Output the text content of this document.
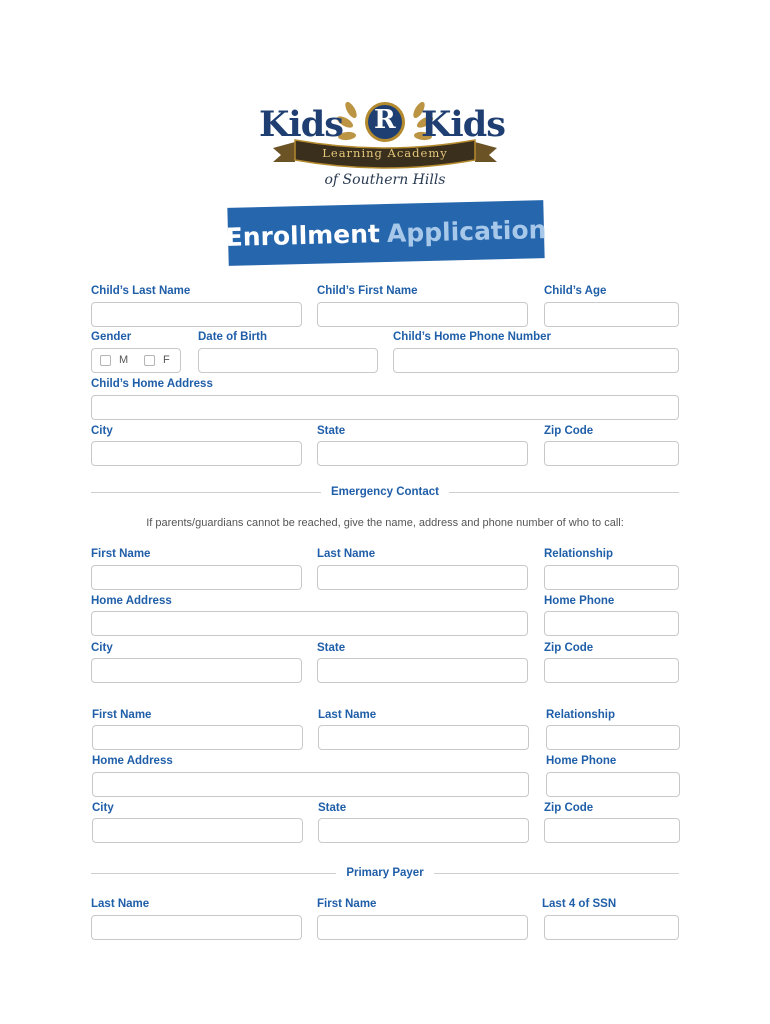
Kids R Kids
Learning Academy
of Southern Hills
Enrollment Application
Child’s Last Name	Child’s First Name	Child’s Age
Gender	Date of Birth	Child’s Home Phone Number
M	F
Child’s Home Address
City	State	Zip Code
Emergency Contact
If parents/guardians cannot be reached, give the name, address and phone number of who to call:
First Name	Last Name	Relationship
Home Address	Home Phone
City	State	Zip Code
First Name	Last Name	Relationship
Home Address	Home Phone
City	State	Zip Code
Primary Payer
Last Name	First Name	Last 4 of SSN
